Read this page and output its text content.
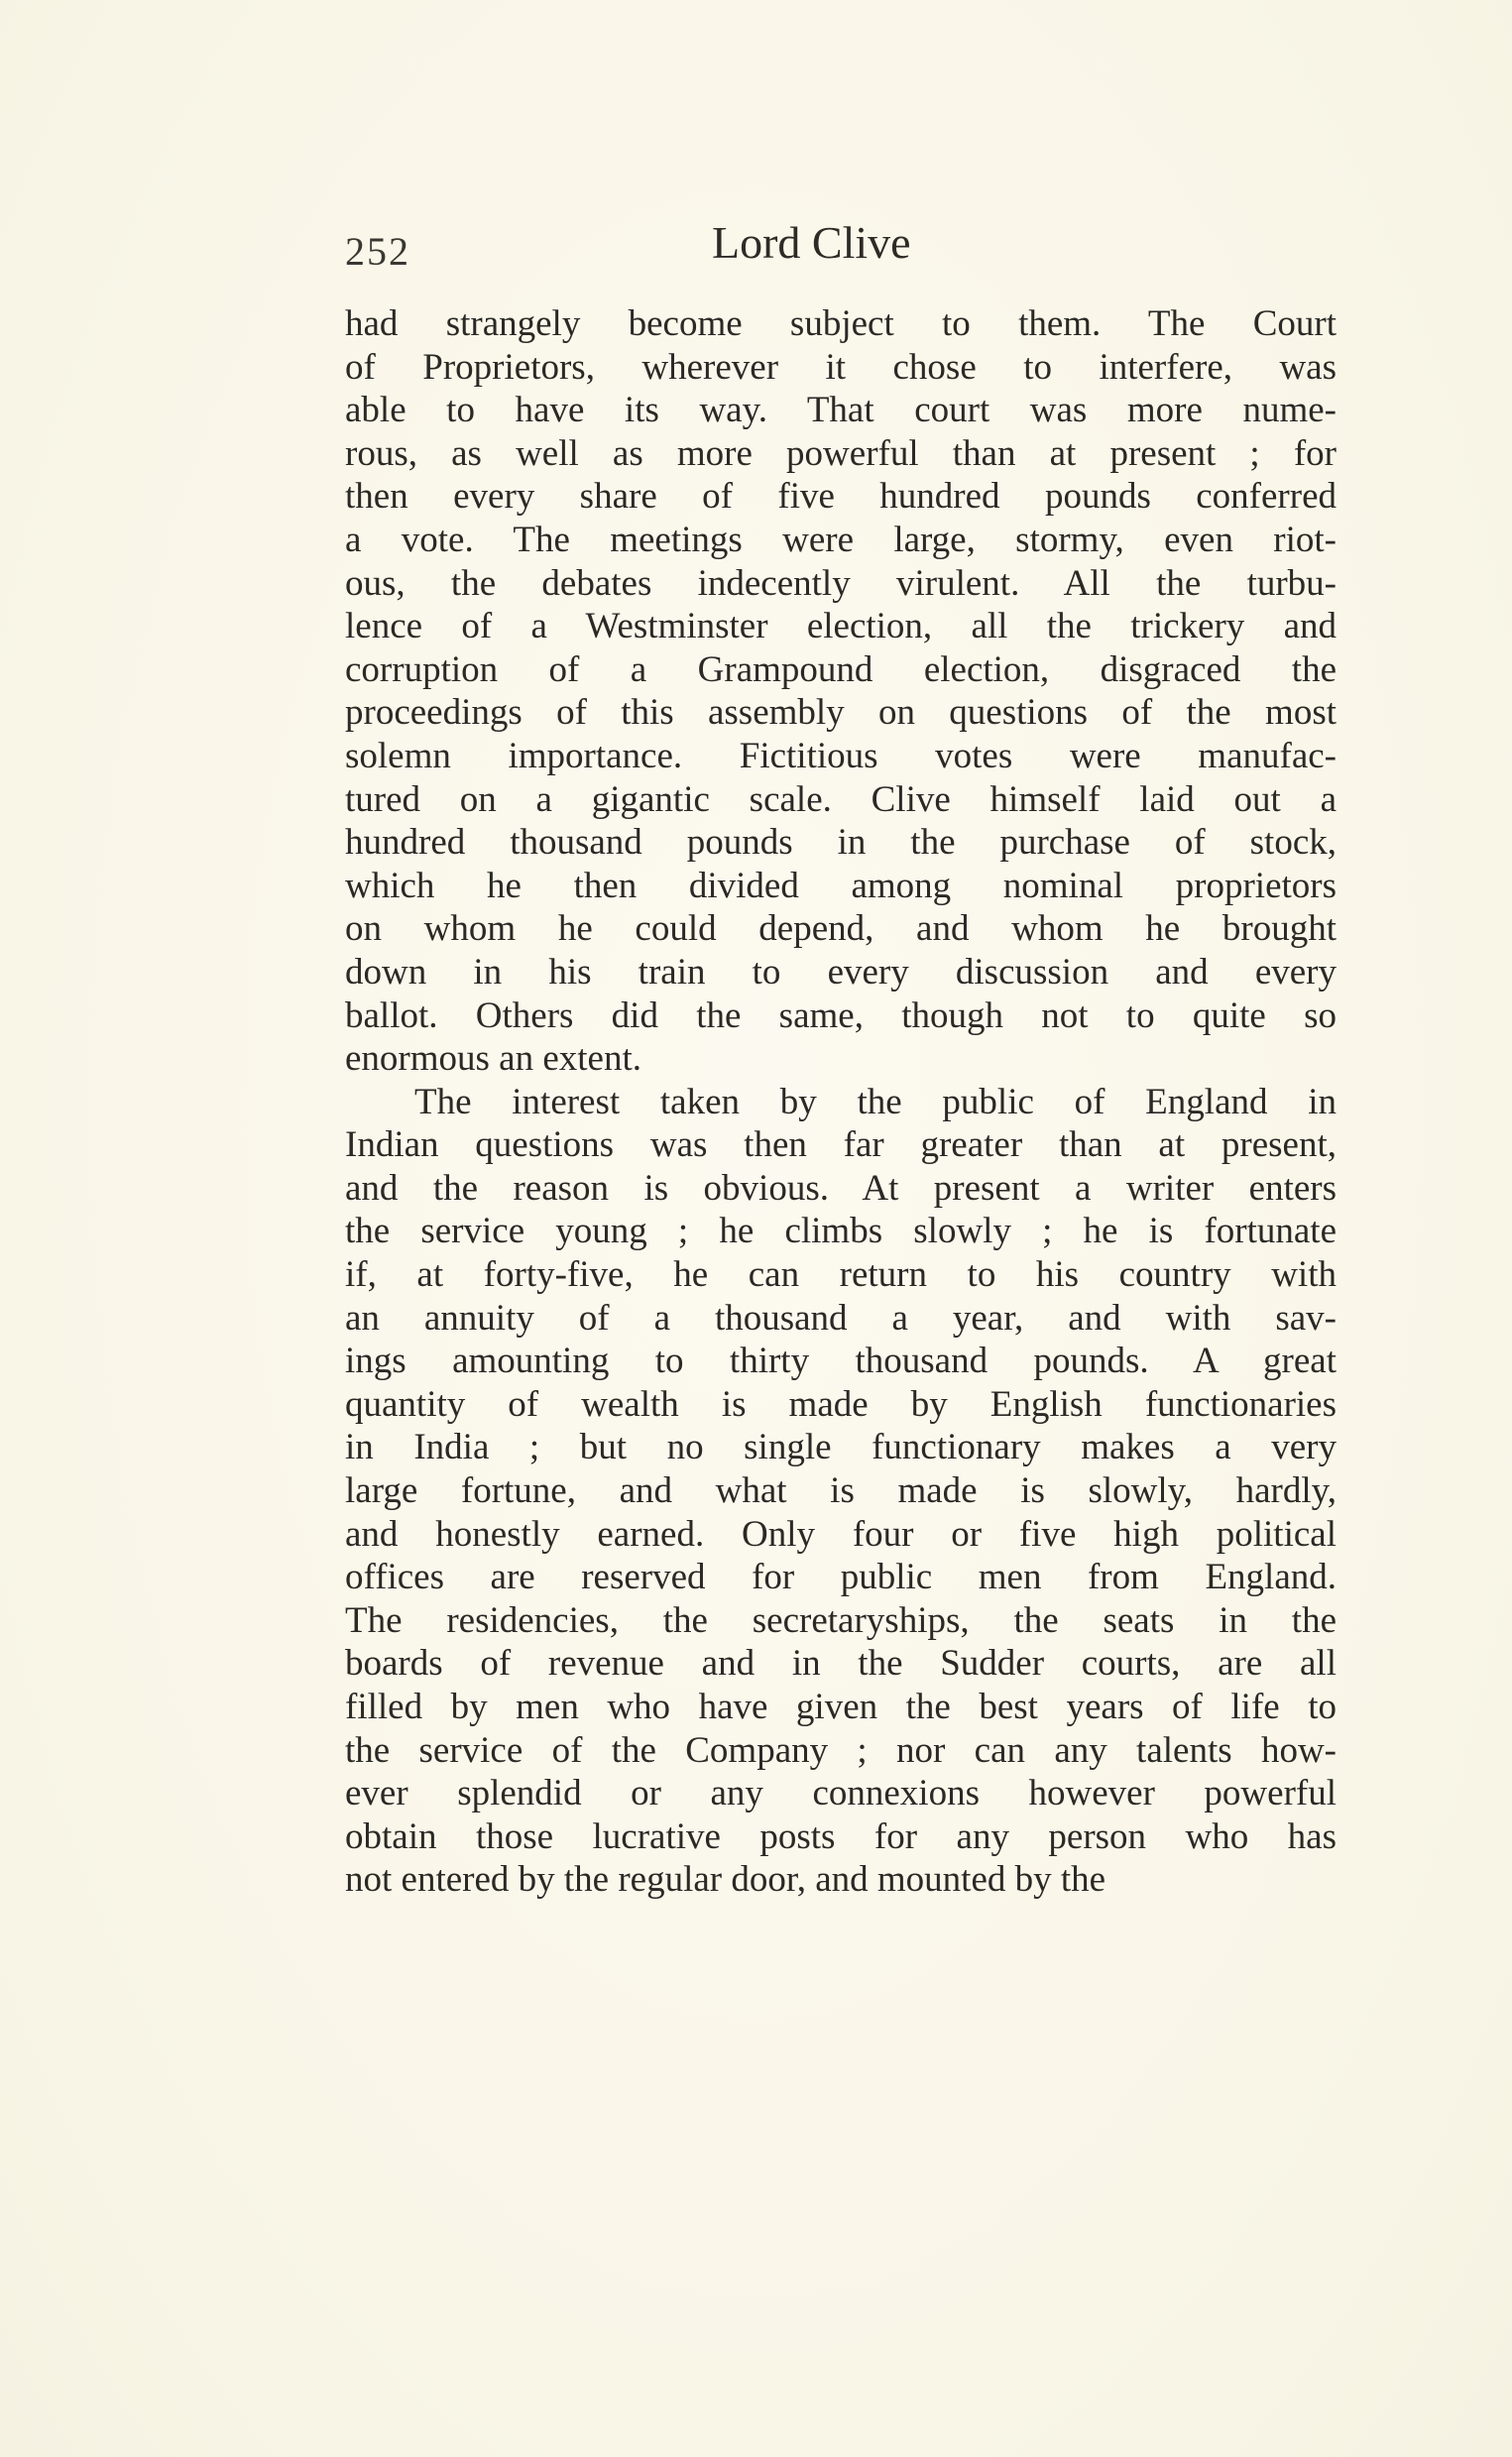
252	Lord Clive
had strangely become subject to them. The Court
of Proprietors, wherever it chose to interfere, was
able to have its way. That court was more nume-
rous, as well as more powerful than at present ; for
then every share of five hundred pounds conferred
a vote. The meetings were large, stormy, even riot-
ous, the debates indecently virulent. All the turbu-
lence of a Westminster election, all the trickery and
corruption of a Grampound election, disgraced the
proceedings of this assembly on questions of the most
solemn importance. Fictitious votes were manufac-
tured on a gigantic scale. Clive himself laid out a
hundred thousand pounds in the purchase of stock,
which he then divided among nominal proprietors
on whom he could depend, and whom he brought
down in his train to every discussion and every
ballot. Others did the same, though not to quite so
enormous an extent.
The interest taken by the public of England in
Indian questions was then far greater than at present,
and the reason is obvious. At present a writer enters
the service young ; he climbs slowly ; he is fortunate
if, at forty-five, he can return to his country with
an annuity of a thousand a year, and with sav-
ings amounting to thirty thousand pounds. A great
quantity of wealth is made by English functionaries
in India ; but no single functionary makes a very
large fortune, and what is made is slowly, hardly,
and honestly earned. Only four or five high political
offices are reserved for public men from England.
The residencies, the secretaryships, the seats in the
boards of revenue and in the Sudder courts, are all
filled by men who have given the best years of life to
the service of the Company ; nor can any talents how-
ever splendid or any connexions however powerful
obtain those lucrative posts for any person who has
not entered by the regular door, and mounted by the
